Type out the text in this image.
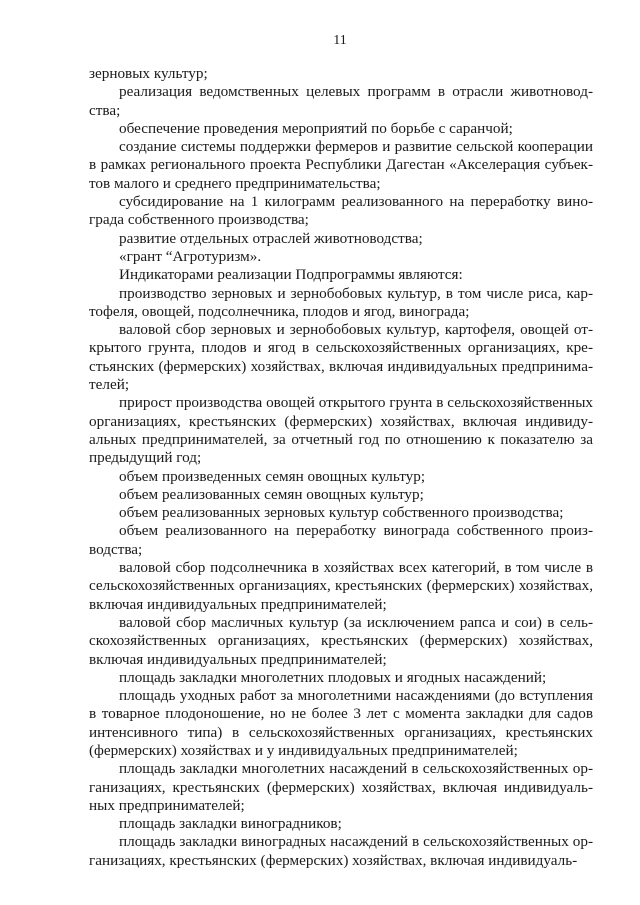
11

зерновых культур;

реализация ведомственных целевых программ в отрасли животноводства;

обеспечение проведения мероприятий по борьбе с саранчой;

создание системы поддержки фермеров и развитие сельской кооперации в рамках регионального проекта Республики Дагестан «Акселерация субъектов малого и среднего предпринимательства;

субсидирование на 1 килограмм реализованного на переработку винограда собственного производства;

развитие отдельных отраслей животноводства;

«грант “Агротуризм».

Индикаторами реализации Подпрограммы являются:

производство зерновых и зернобобовых культур, в том числе риса, картофеля, овощей, подсолнечника, плодов и ягод, винограда;

валовой сбор зерновых и зернобобовых культур, картофеля, овощей открытого грунта, плодов и ягод в сельскохозяйственных организациях, крестьянских (фермерских) хозяйствах, включая индивидуальных предпринимателей;

прирост производства овощей открытого грунта в сельскохозяйственных организациях, крестьянских (фермерских) хозяйствах, включая индивидуальных предпринимателей, за отчетный год по отношению к показателю за предыдущий год;

объем произведенных семян овощных культур;

объем реализованных семян овощных культур;

объем реализованных зерновых культур собственного производства;

объем реализованного на переработку винограда собственного производства;

валовой сбор подсолнечника в хозяйствах всех категорий, в том числе в сельскохозяйственных организациях, крестьянских (фермерских) хозяйствах, включая индивидуальных предпринимателей;

валовой сбор масличных культур (за исключением рапса и сои) в сельскохозяйственных организациях, крестьянских (фермерских) хозяйствах, включая индивидуальных предпринимателей;

площадь закладки многолетних плодовых и ягодных насаждений;

площадь уходных работ за многолетними насаждениями (до вступления в товарное плодоношение, но не более 3 лет с момента закладки для садов интенсивного типа) в сельскохозяйственных организациях, крестьянских (фермерских) хозяйствах и у индивидуальных предпринимателей;

площадь закладки многолетних насаждений в сельскохозяйственных организациях, крестьянских (фермерских) хозяйствах, включая индивидуальных предпринимателей;

площадь закладки виноградников;

площадь закладки виноградных насаждений в сельскохозяйственных организациях, крестьянских (фермерских) хозяйствах, включая индивидуаль-
